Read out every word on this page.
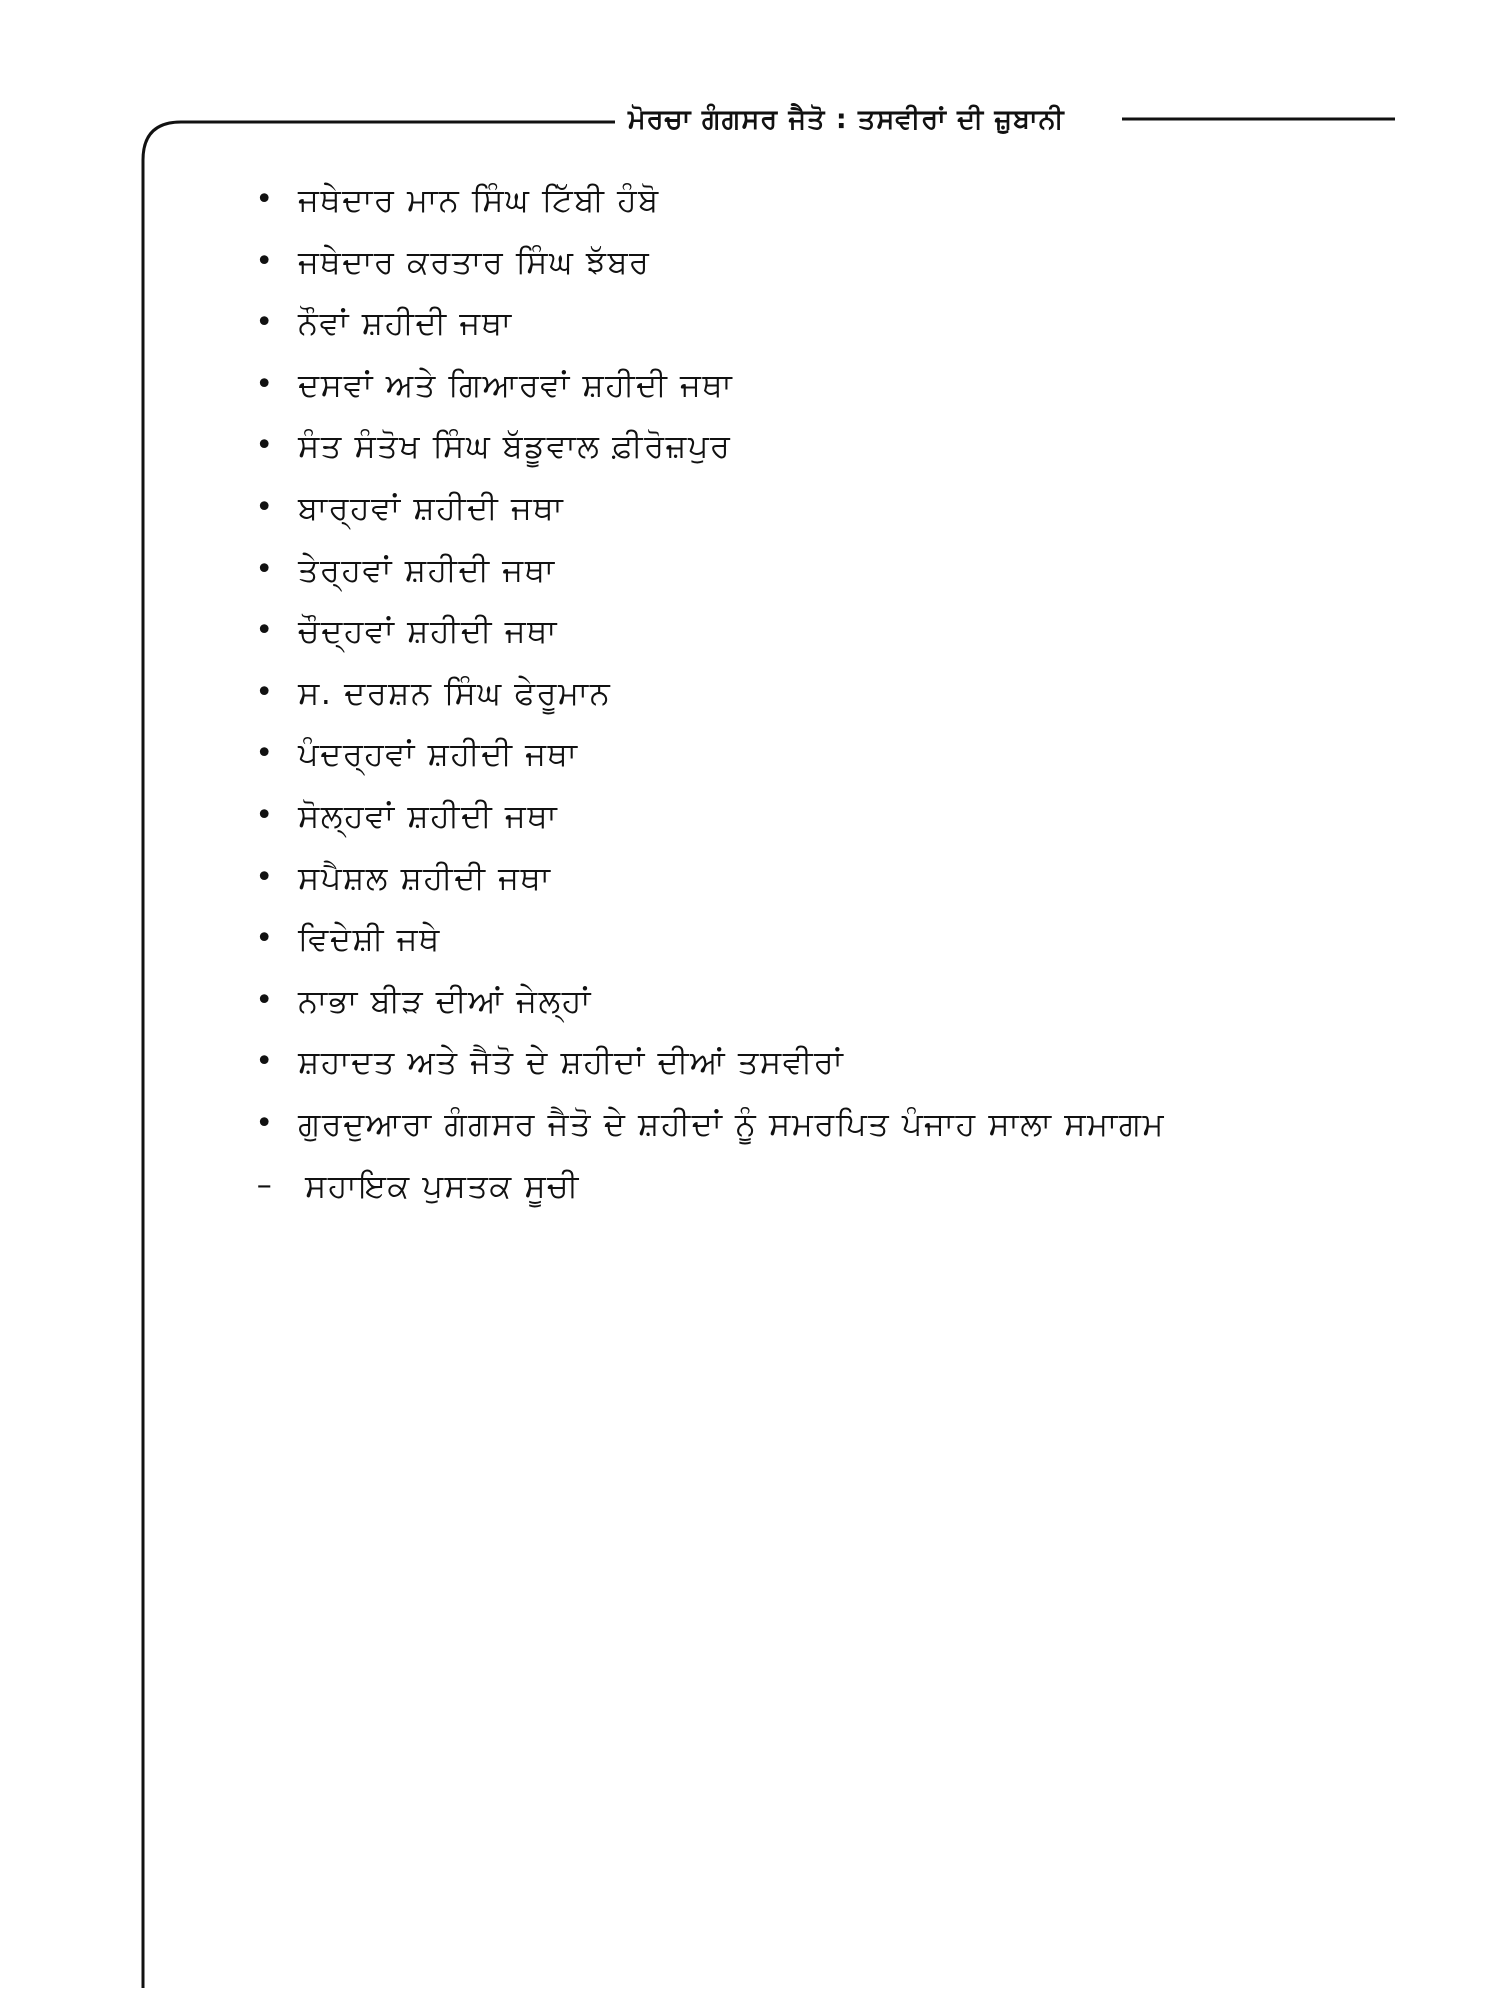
ਮੋਰਚਾ ਗੰਗਸਰ ਜੈਤੋ : ਤਸਵੀਰਾਂ ਦੀ ਜ਼ੁਬਾਨੀ
• ਜਥੇਦਾਰ ਮਾਨ ਸਿੰਘ ਟਿੱਬੀ ਹੰਬੋ
• ਜਥੇਦਾਰ ਕਰਤਾਰ ਸਿੰਘ ਝੱਬਰ
• ਨੌਵਾਂ ਸ਼ਹੀਦੀ ਜਥਾ
• ਦਸਵਾਂ ਅਤੇ ਗਿਆਰਵਾਂ ਸ਼ਹੀਦੀ ਜਥਾ
• ਸੰਤ ਸੰਤੋਖ ਸਿੰਘ ਬੱਡੂਵਾਲ ਫ਼ੀਰੋਜ਼ਪੁਰ
• ਬਾਰ੍ਹਵਾਂ ਸ਼ਹੀਦੀ ਜਥਾ
• ਤੇਰ੍ਹਵਾਂ ਸ਼ਹੀਦੀ ਜਥਾ
• ਚੌਦ੍ਹਵਾਂ ਸ਼ਹੀਦੀ ਜਥਾ
• ਸ. ਦਰਸ਼ਨ ਸਿੰਘ ਫੇਰੂਮਾਨ
• ਪੰਦਰ੍ਹਵਾਂ ਸ਼ਹੀਦੀ ਜਥਾ
• ਸੋਲ੍ਹਵਾਂ ਸ਼ਹੀਦੀ ਜਥਾ
• ਸਪੈਸ਼ਲ ਸ਼ਹੀਦੀ ਜਥਾ
• ਵਿਦੇਸ਼ੀ ਜਥੇ
• ਨਾਭਾ ਬੀੜ ਦੀਆਂ ਜੇਲ੍ਹਾਂ
• ਸ਼ਹਾਦਤ ਅਤੇ ਜੈਤੋ ਦੇ ਸ਼ਹੀਦਾਂ ਦੀਆਂ ਤਸਵੀਰਾਂ
• ਗੁਰਦੁਆਰਾ ਗੰਗਸਰ ਜੈਤੋ ਦੇ ਸ਼ਹੀਦਾਂ ਨੂੰ ਸਮਰਪਿਤ ਪੰਜਾਹ ਸਾਲਾ ਸਮਾਗਮ
– ਸਹਾਇਕ ਪੁਸਤਕ ਸੂਚੀ
